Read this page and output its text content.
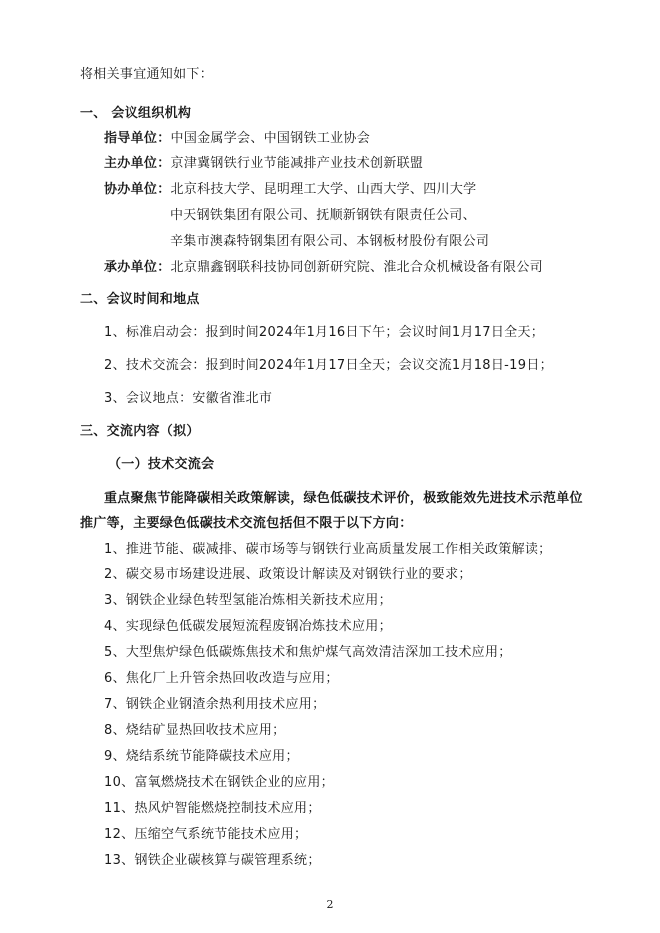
将相关事宜通知如下：
一、 会议组织机构
指导单位：中国金属学会、中国钢铁工业协会
主办单位：京津冀钢铁行业节能减排产业技术创新联盟
协办单位：北京科技大学、昆明理工大学、山西大学、四川大学
中天钢铁集团有限公司、抚顺新钢铁有限责任公司、
辛集市澳森特钢集团有限公司、本钢板材股份有限公司
承办单位：北京鼎鑫钢联科技协同创新研究院、淮北合众机械设备有限公司
二、会议时间和地点
1、标准启动会：报到时间2024年1月16日下午；会议时间1月17日全天；
2、技术交流会：报到时间2024年1月17日全天；会议交流1月18日-19日；
3、会议地点：安徽省淮北市
三、交流内容（拟）
（一）技术交流会
重点聚焦节能降碳相关政策解读，绿色低碳技术评价，极致能效先进技术示范单位
推广等，主要绿色低碳技术交流包括但不限于以下方向：
1、推进节能、碳减排、碳市场等与钢铁行业高质量发展工作相关政策解读；
2、碳交易市场建设进展、政策设计解读及对钢铁行业的要求；
3、钢铁企业绿色转型氢能冶炼相关新技术应用；
4、实现绿色低碳发展短流程废钢冶炼技术应用；
5、大型焦炉绿色低碳炼焦技术和焦炉煤气高效清洁深加工技术应用；
6、焦化厂上升管余热回收改造与应用；
7、钢铁企业钢渣余热利用技术应用；
8、烧结矿显热回收技术应用；
9、烧结系统节能降碳技术应用；
10、富氧燃烧技术在钢铁企业的应用；
11、热风炉智能燃烧控制技术应用；
12、压缩空气系统节能技术应用；
13、钢铁企业碳核算与碳管理系统；
2
